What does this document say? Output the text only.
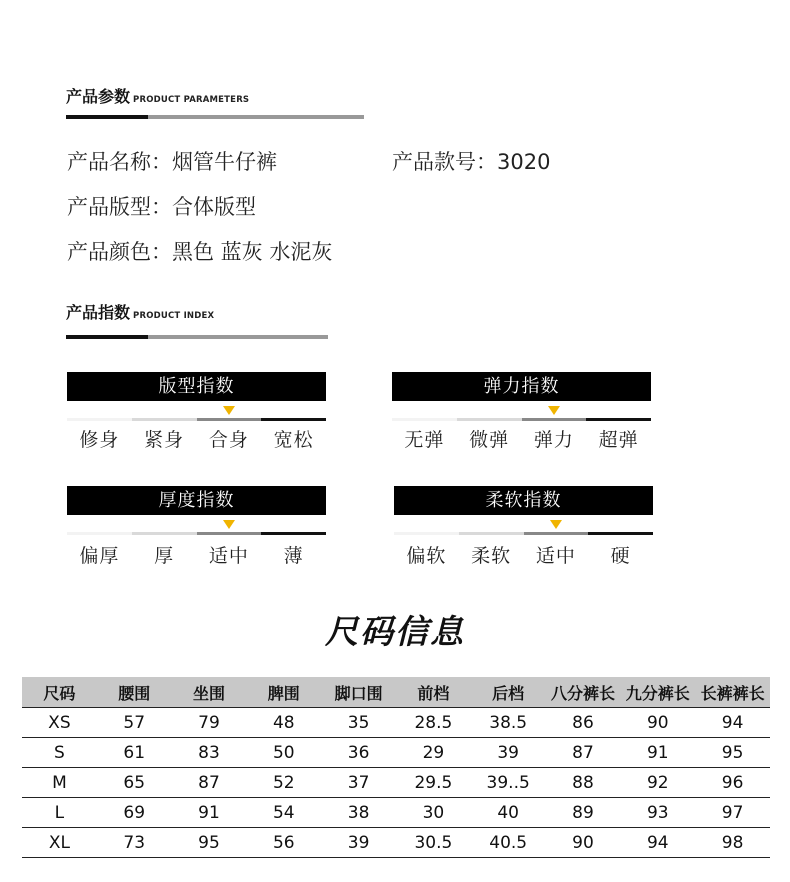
产品参数 PRODUCT PARAMETERS
产品名称：烟管牛仔裤	产品款号：3020
产品版型：合体版型
产品颜色：黑色 蓝灰 水泥灰
产品指数 PRODUCT INDEX
版型指数
修身	紧身	合身	宽松
弹力指数
无弹	微弹	弹力	超弹
厚度指数
偏厚	厚	适中	薄
柔软指数
偏软	柔软	适中	硬
尺码信息
尺码	腰围	坐围	脾围	脚口围	前档	后档	八分裤长	九分裤长	长裤裤长
XS	57	79	48	35	28.5	38.5	86	90	94
S	61	83	50	36	29	39	87	91	95
M	65	87	52	37	29.5	39..5	88	92	96
L	69	91	54	38	30	40	89	93	97
XL	73	95	56	39	30.5	40.5	90	94	98
